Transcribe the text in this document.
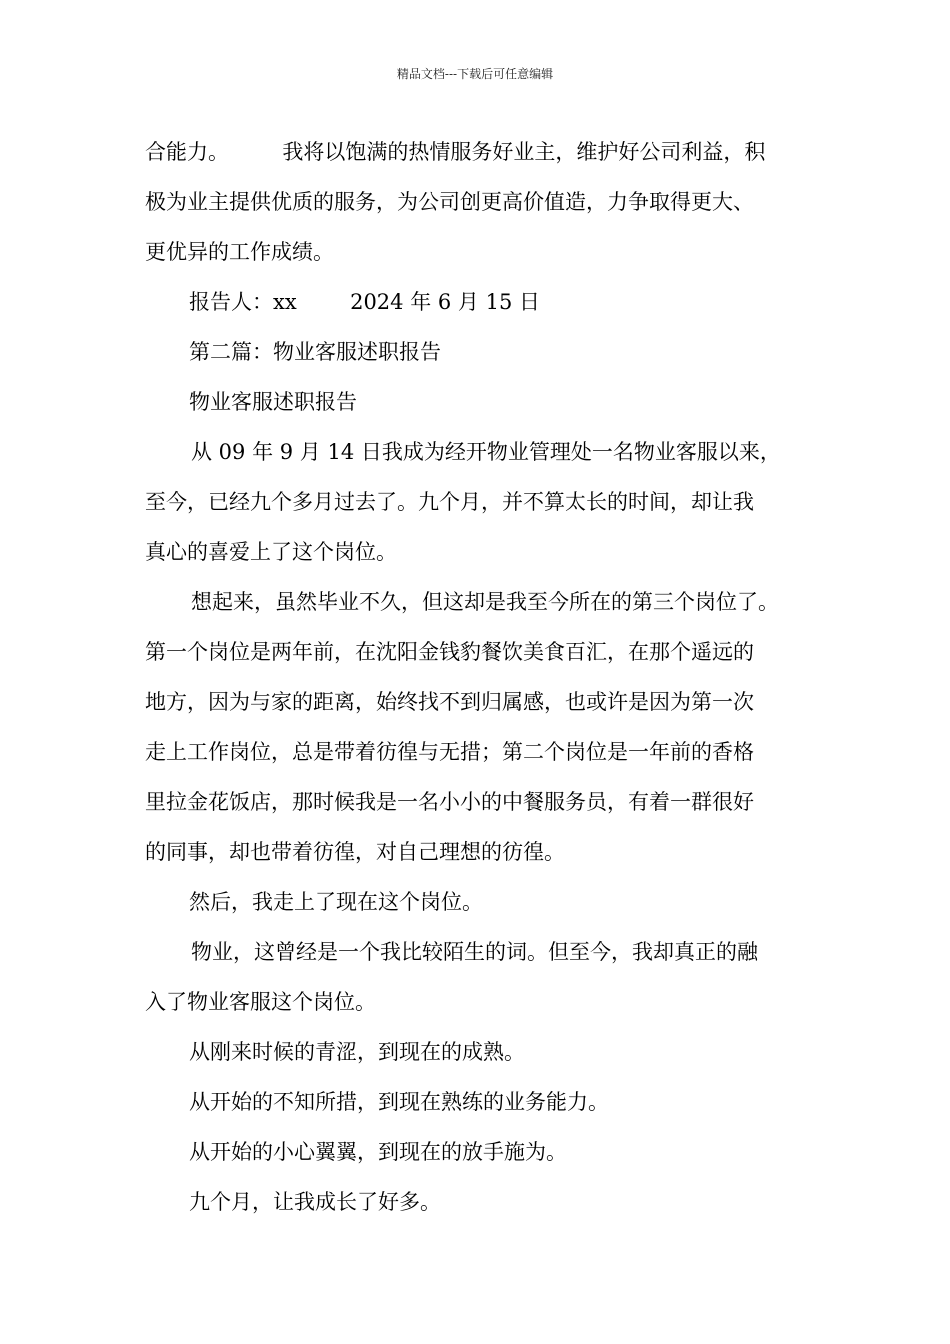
精品文档---下载后可任意编辑
合能力。        我将以饱满的热情服务好业主，维护好公司利益，积
极为业主提供优质的服务，为公司创更高价值造，力争取得更大、
更优异的工作成绩。
报告人：xx        2024 年 6 月 15 日
第二篇：物业客服述职报告
物业客服述职报告
从 09 年 9 月 14 日我成为经开物业管理处一名物业客服以来，
至今，已经九个多月过去了。九个月，并不算太长的时间，却让我
真心的喜爱上了这个岗位。
想起来，虽然毕业不久，但这却是我至今所在的第三个岗位了。
第一个岗位是两年前，在沈阳金钱豹餐饮美食百汇，在那个遥远的
地方，因为与家的距离，始终找不到归属感，也或许是因为第一次
走上工作岗位，总是带着彷徨与无措；第二个岗位是一年前的香格
里拉金花饭店，那时候我是一名小小的中餐服务员，有着一群很好
的同事，却也带着彷徨，对自己理想的彷徨。
然后，我走上了现在这个岗位。
物业，这曾经是一个我比较陌生的词。但至今，我却真正的融
入了物业客服这个岗位。
从刚来时候的青涩，到现在的成熟。
从开始的不知所措，到现在熟练的业务能力。
从开始的小心翼翼，到现在的放手施为。
九个月，让我成长了好多。
